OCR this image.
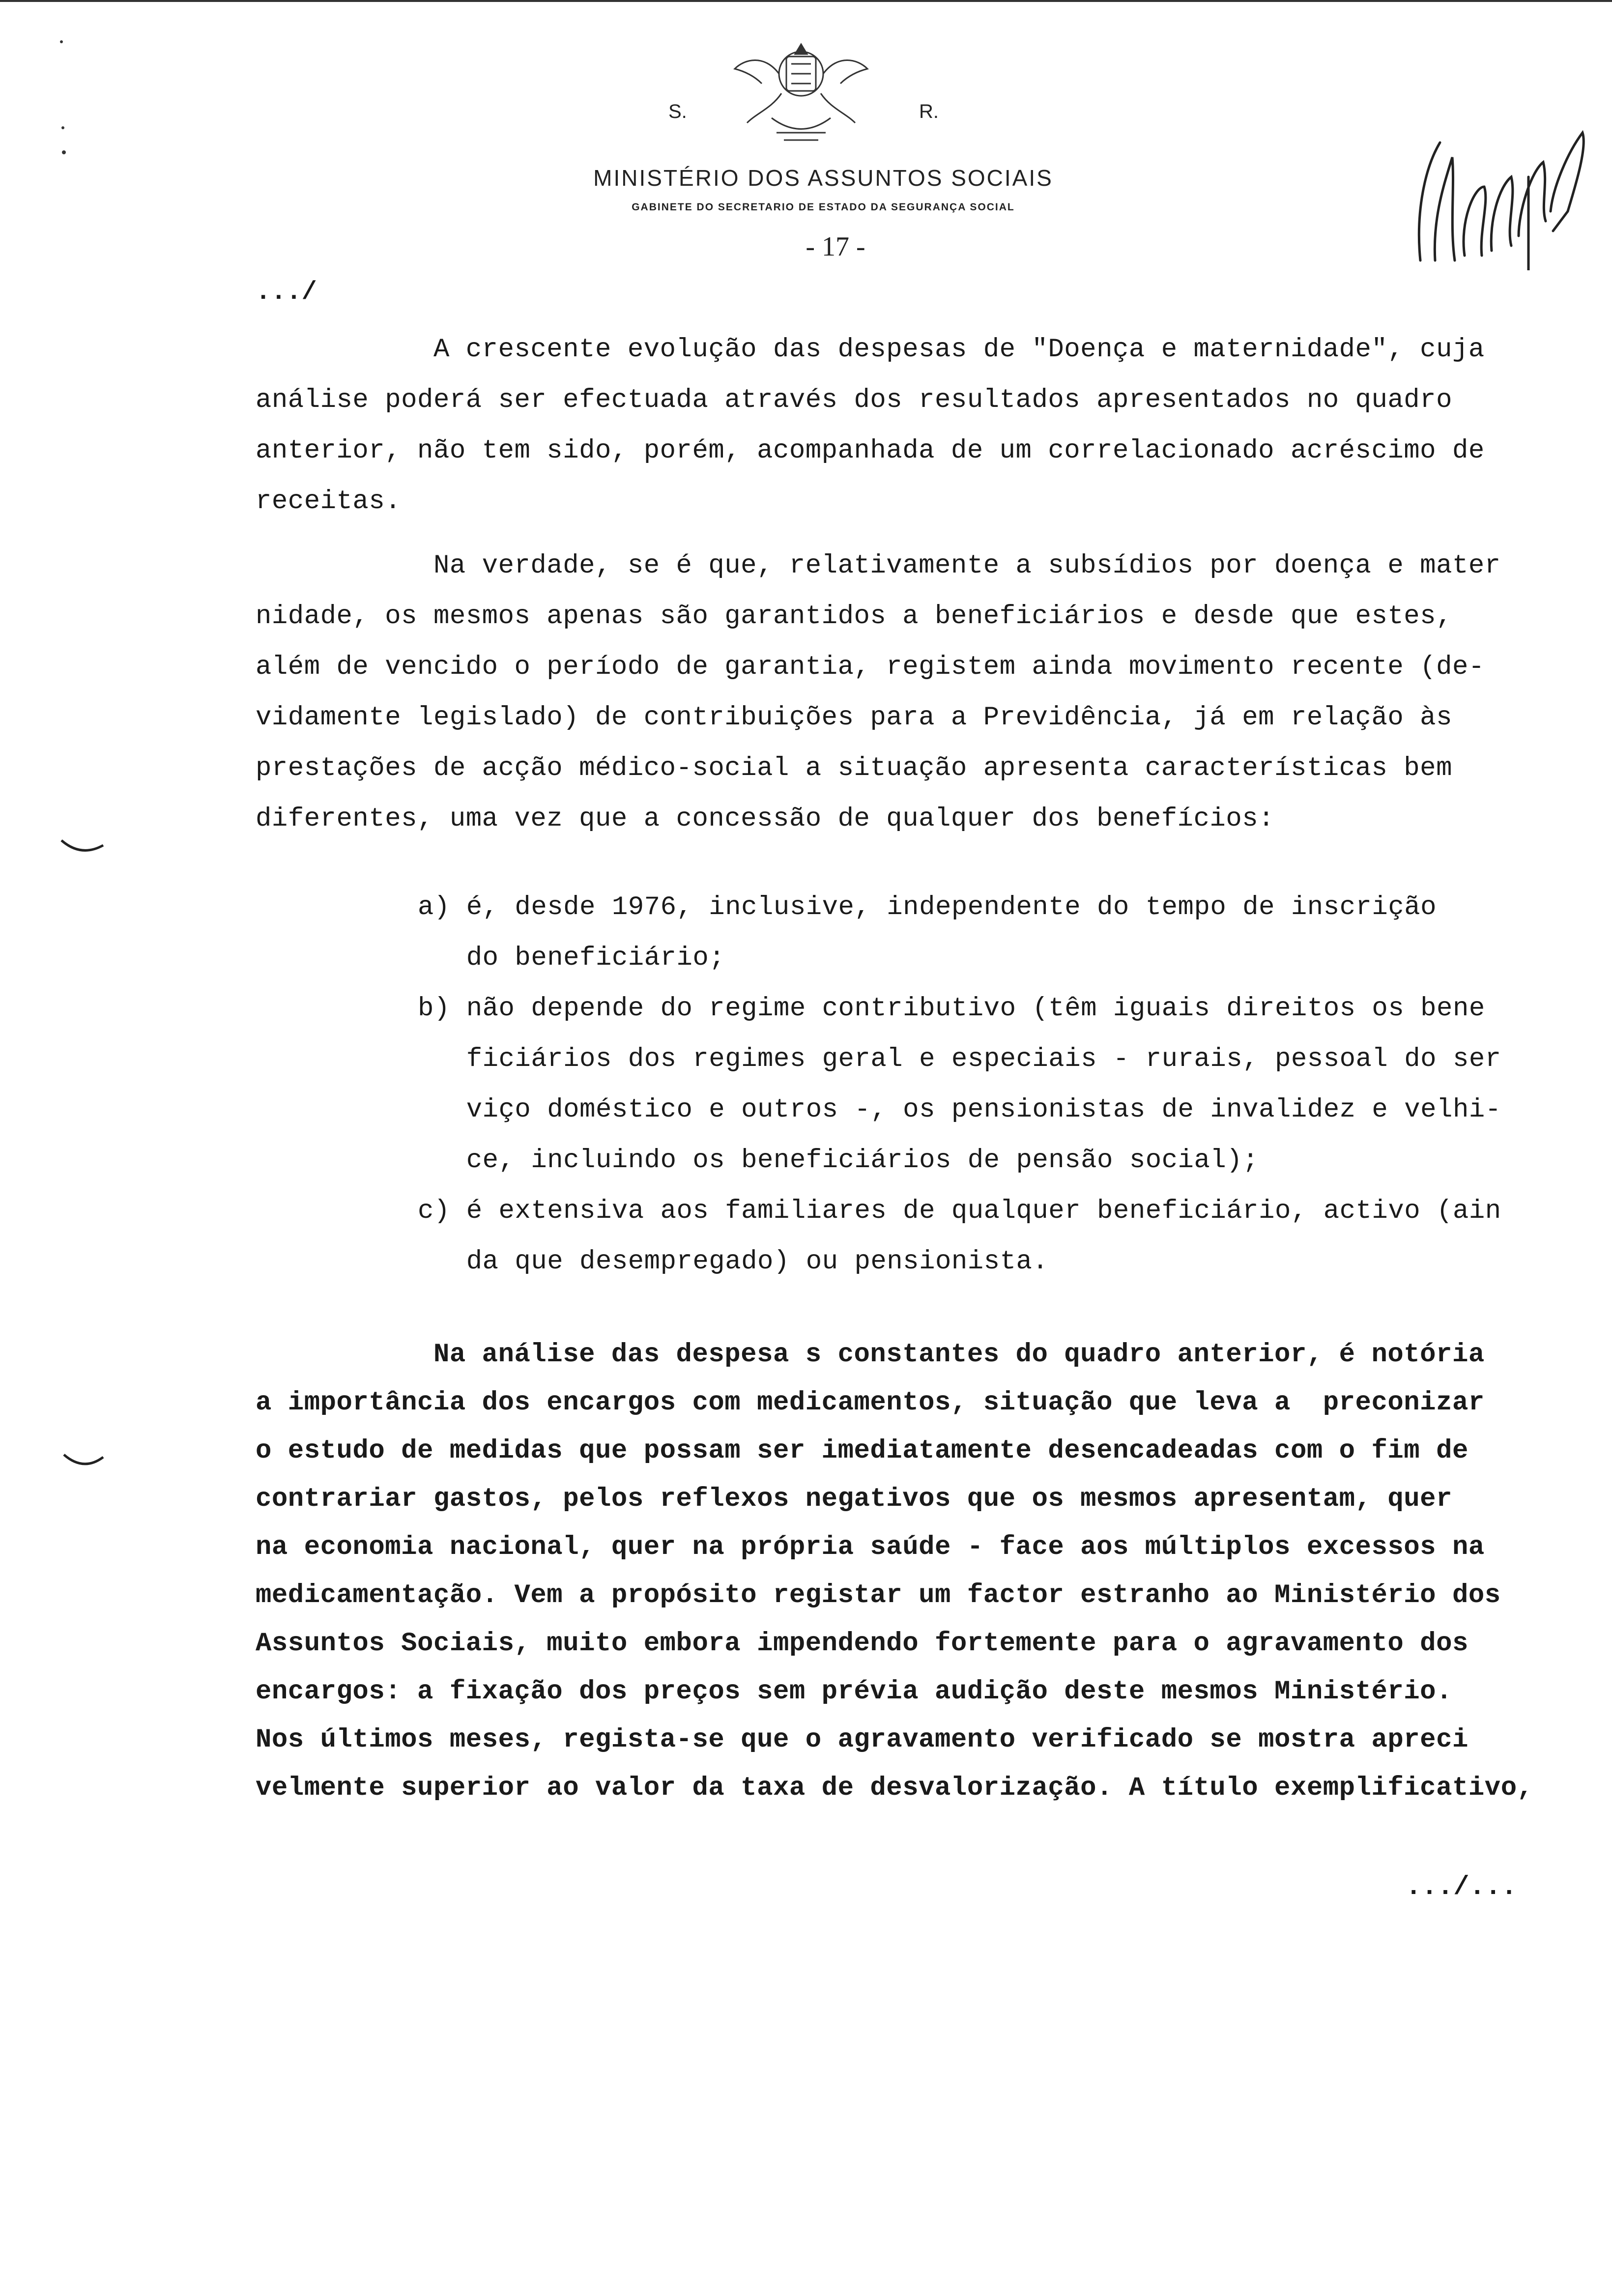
S.	R.
MINISTÉRIO DOS ASSUNTOS SOCIAIS
GABINETE DO SECRETARIO DE ESTADO DA SEGURANÇA SOCIAL
- 17 -
.../
A crescente evolução das despesas de "Doença e maternidade", cuja
análise poderá ser efectuada através dos resultados apresentados no quadro
anterior, não tem sido, porém, acompanhada de um correlacionado acréscimo de
receitas.
Na verdade, se é que, relativamente a subsídios por doença e mater
nidade, os mesmos apenas são garantidos a beneficiários e desde que estes,
além de vencido o período de garantia, registem ainda movimento recente (de-
vidamente legislado) de contribuições para a Previdência, já em relação às
prestações de acção médico-social a situação apresenta características bem
diferentes, uma vez que a concessão de qualquer dos benefícios:
a) é, desde 1976, inclusive, independente do tempo de inscrição
do beneficiário;
b) não depende do regime contributivo (têm iguais direitos os bene
ficiários dos regimes geral e especiais - rurais, pessoal do ser
viço doméstico e outros -, os pensionistas de invalidez e velhi-
ce, incluindo os beneficiários de pensão social);
c) é extensiva aos familiares de qualquer beneficiário, activo (ain
da que desempregado) ou pensionista.
Na análise das despesa s constantes do quadro anterior, é notória
a importância dos encargos com medicamentos, situação que leva a  preconizar
o estudo de medidas que possam ser imediatamente desencadeadas com o fim de
contrariar gastos, pelos reflexos negativos que os mesmos apresentam, quer
na economia nacional, quer na própria saúde - face aos múltiplos excessos na
medicamentação. Vem a propósito registar um factor estranho ao Ministério dos
Assuntos Sociais, muito embora impendendo fortemente para o agravamento dos
encargos: a fixação dos preços sem prévia audição deste mesmos Ministério.
Nos últimos meses, regista-se que o agravamento verificado se mostra apreci
velmente superior ao valor da taxa de desvalorização. A título exemplificativo,
.../...
